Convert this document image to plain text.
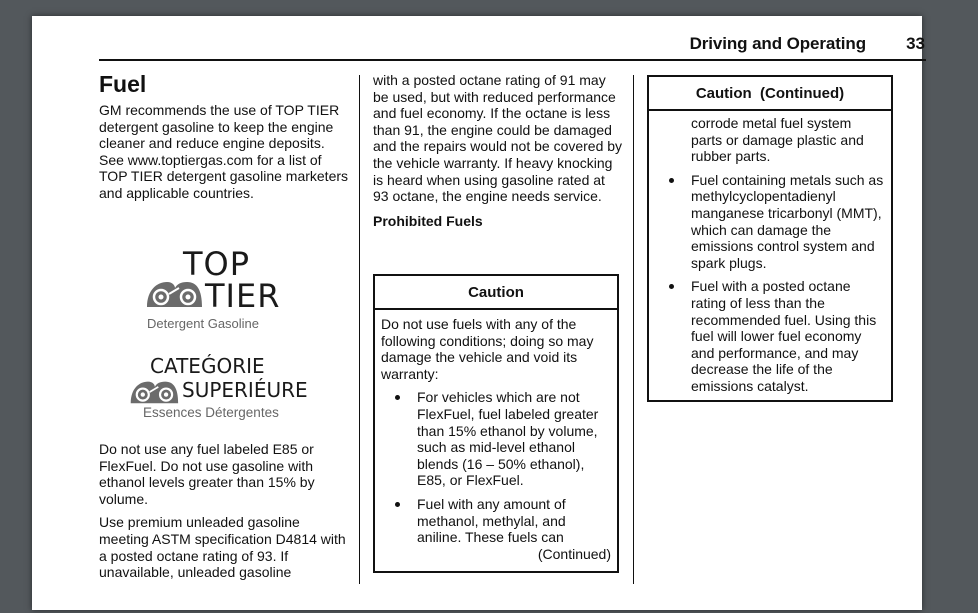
Driving and Operating 33
Fuel

GM recommends the use of TOP TIER detergent gasoline to keep the engine cleaner and reduce engine deposits. See www.toptiergas.com for a list of TOP TIER detergent gasoline marketers and applicable countries.

TOP
TIER
Detergent Gasoline
CATEǴORIE
SUPERIÉURE
Essences Détergentes

Do not use any fuel labeled E85 or FlexFuel. Do not use gasoline with ethanol levels greater than 15% by volume.

Use premium unleaded gasoline meeting ASTM specification D4814 with a posted octane rating of 93. If unavailable, unleaded gasoline

with a posted octane rating of 91 may be used, but with reduced performance and fuel economy. If the octane is less than 91, the engine could be damaged and the repairs would not be covered by the vehicle warranty. If heavy knocking is heard when using gasoline rated at 93 octane, the engine needs service.

Prohibited Fuels

Caution

Do not use fuels with any of the following conditions; doing so may damage the vehicle and void its warranty:

For vehicles which are not FlexFuel, fuel labeled greater than 15% ethanol by volume, such as mid-level ethanol blends (16 – 50% ethanol), E85, or FlexFuel.
Fuel with any amount of methanol, methylal, and aniline. These fuels can

(Continued)

Caution  (Continued)

corrode metal fuel system parts or damage plastic and rubber parts.

Fuel containing metals such as methylcyclopentadienyl manganese tricarbonyl (MMT), which can damage the emissions control system and spark plugs.
Fuel with a posted octane rating of less than the recommended fuel. Using this fuel will lower fuel economy and performance, and may decrease the life of the emissions catalyst.
